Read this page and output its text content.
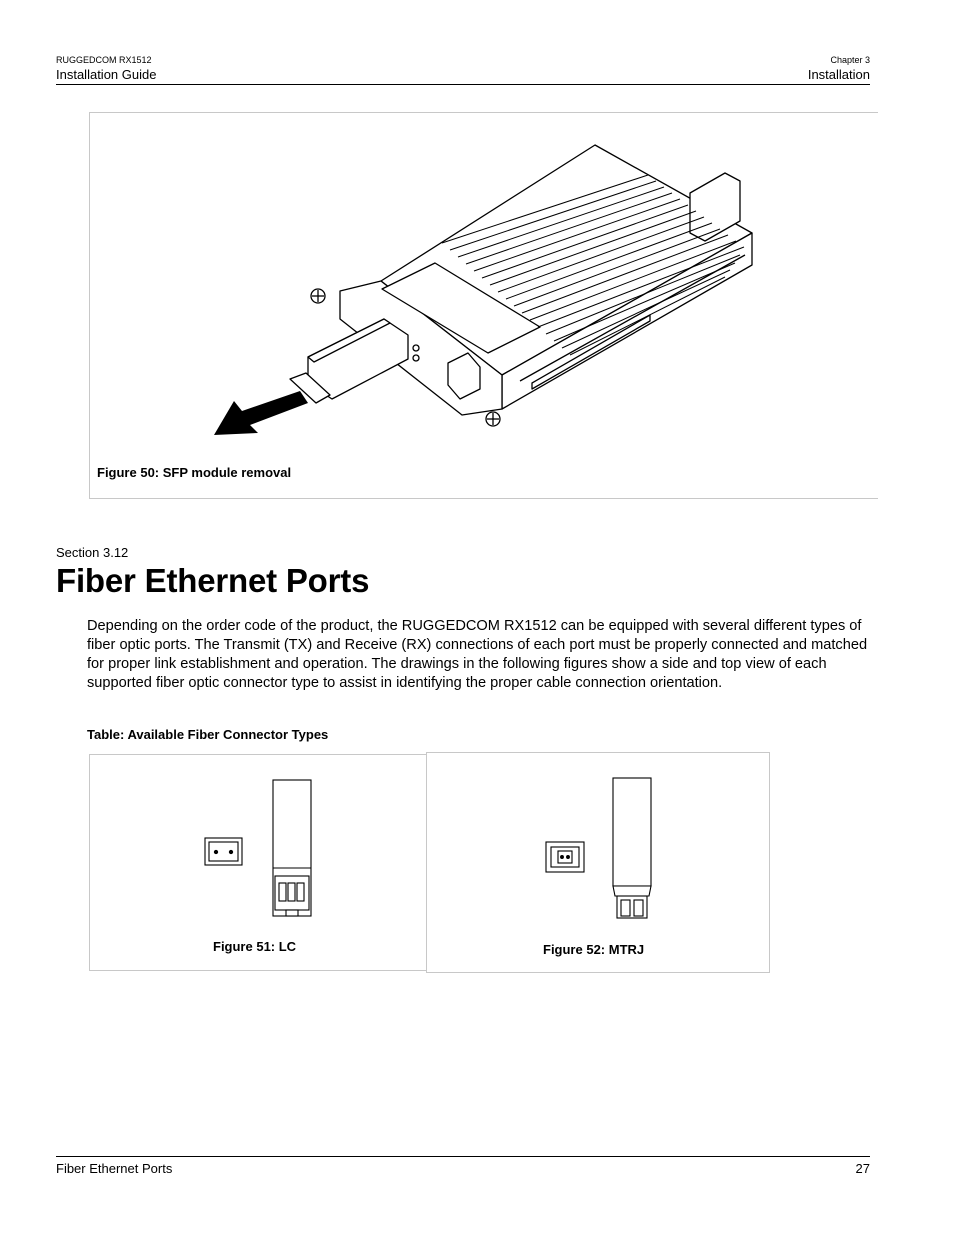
RUGGEDCOM RX1512
Installation Guide
Chapter 3
Installation
Figure 50: SFP module removal
Section 3.12
Fiber Ethernet Ports
Depending on the order code of the product, the RUGGEDCOM RX1512 can be equipped with several different types of fiber optic ports. The Transmit (TX) and Receive (RX) connections of each port must be properly connected and matched for proper link establishment and operation. The drawings in the following figures show a side and top view of each supported fiber optic connector type to assist in identifying the proper cable connection orientation.
Table: Available Fiber Connector Types
Figure 51: LC	Figure 52: MTRJ
Fiber Ethernet Ports	27
